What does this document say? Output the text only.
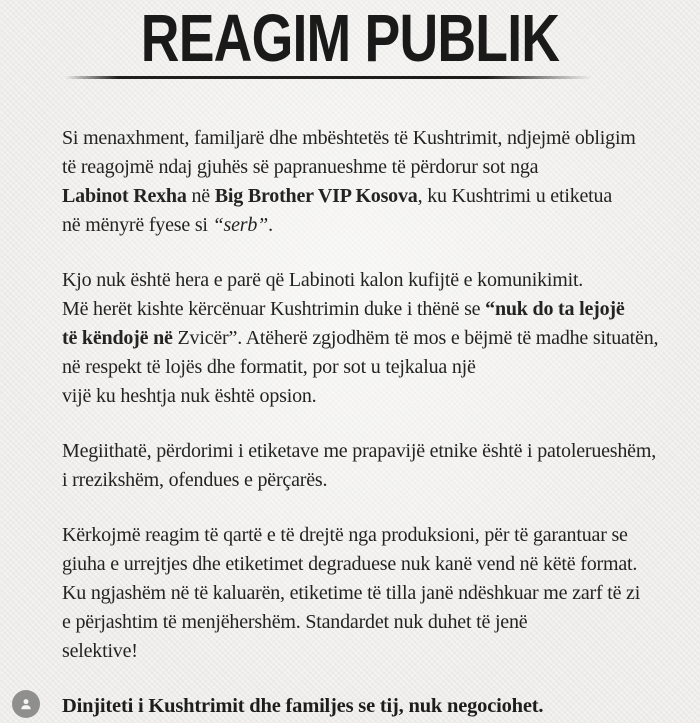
REAGIM PUBLIK
Si menaxhment, familjarë dhe mbështetës të Kushtrimit, ndjejmë obligim
të reagojmë ndaj gjuhës së papranueshme të përdorur sot nga
Labinot Rexha në Big Brother VIP Kosova, ku Kushtrimi u etiketua
në mënyrë fyese si “serb”.
Kjo nuk është hera e parë që Labinoti kalon kufijtë e komunikimit.
Më herët kishte kërcënuar Kushtrimin duke i thënë se “nuk do ta lejojë
të këndojë në Zvicër”. Atëherë zgjodhëm të mos e bëjmë të madhe situatën,
në respekt të lojës dhe formatit, por sot u tejkalua një
vijë ku heshtja nuk është opsion.
Megiithatë, përdorimi i etiketave me prapavijë etnike është i patolerueshëm,
i rrezikshëm, ofendues e përçarës.
Kërkojmë reagim të qartë e të drejtë nga produksioni, për të garantuar se
giuha e urrejtjes dhe etiketimet degraduese nuk kanë vend në këtë format.
Ku ngjashëm në të kaluarën, etiketime të tilla janë ndëshkuar me zarf të zi
e përjashtim të menjëhershëm. Standardet nuk duhet të jenë
selektive!
Dinjiteti i Kushtrimit dhe familjes se tij, nuk negociohet.
